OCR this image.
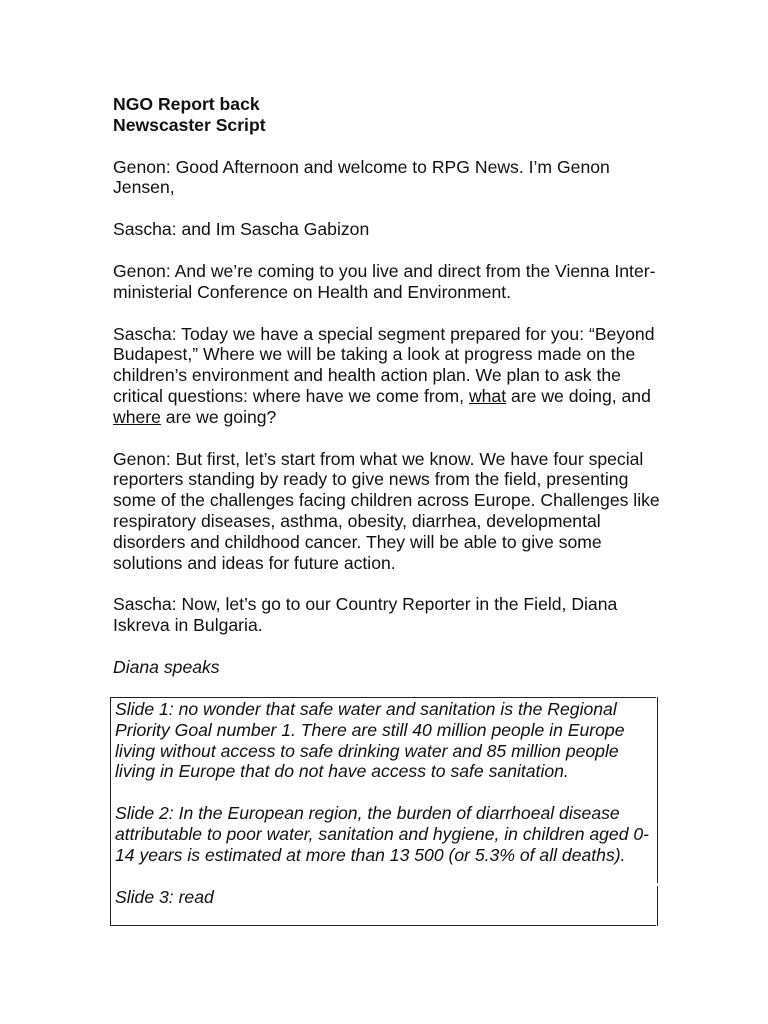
NGO Report back

Newscaster Script

Genon: Good Afternoon and welcome to RPG News. I’m Genon Jensen,

Sascha: and Im Sascha Gabizon

Genon: And we’re coming to you live and direct from the Vienna Inter-ministerial Conference on Health and Environment.

Sascha: Today we have a special segment prepared for you: “Beyond Budapest,” Where we will be taking a look at progress made on the children’s environment and health action plan. We plan to ask the critical questions: where have we come from, what are we doing, and where are we going?

Genon: But first, let’s start from what we know. We have four special reporters standing by ready to give news from the field, presenting some of the challenges facing children across Europe. Challenges like respiratory diseases, asthma, obesity, diarrhea, developmental disorders and childhood cancer. They will be able to give some solutions and ideas for future action.

Sascha: Now, let’s go to our Country Reporter in the Field, Diana Iskreva in Bulgaria.

Diana speaks

Slide 1: no wonder that safe water and sanitation is the Regional Priority Goal number 1. There are still 40 million people in Europe living without access to safe drinking water and 85 million people living in Europe that do not have access to safe sanitation.

Slide 2: In the European region, the burden of diarrhoeal disease attributable to poor water, sanitation and hygiene, in children aged 0-14 years is estimated at more than 13 500 (or 5.3% of all deaths).

Slide 3: read
